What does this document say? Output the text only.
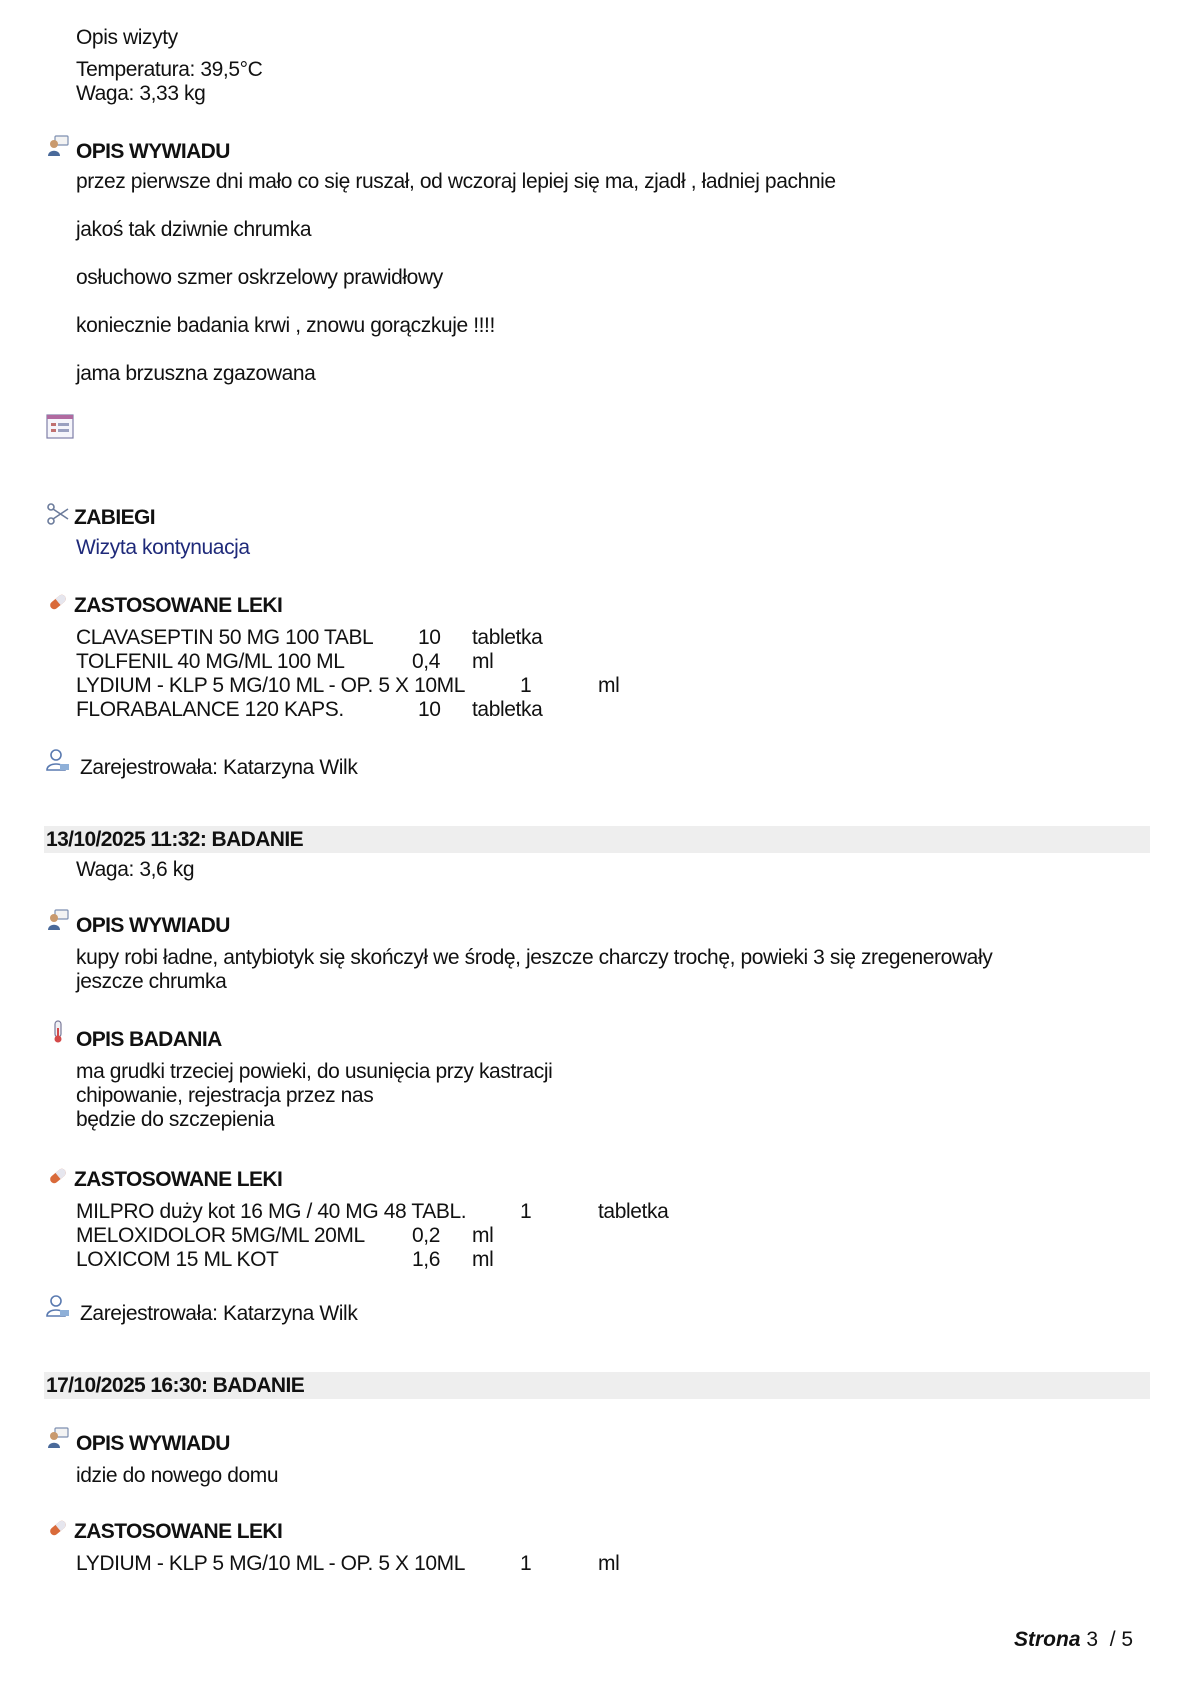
Opis wizyty
Temperatura: 39,5°C
Waga: 3,33 kg
OPIS WYWIADU
przez pierwsze dni mało co się ruszał, od wczoraj lepiej się ma, zjadł , ładniej pachnie
jakoś tak dziwnie chrumka
osłuchowo szmer oskrzelowy prawidłowy
koniecznie badania krwi , znowu gorączkuje !!!!
jama brzuszna zgazowana
ZABIEGI
Wizyta kontynuacja
ZASTOSOWANE LEKI
CLAVASEPTIN 50 MG 100 TABL 10 tabletka
TOLFENIL 40 MG/ML 100 ML	0,4 ml
LYDIUM - KLP 5 MG/10 ML - OP. 5 X 10ML	1	ml
FLORABALANCE 120 KAPS.	10 tabletka
Zarejestrowała: Katarzyna Wilk
13/10/2025 11:32: BADANIE
Waga: 3,6 kg
OPIS WYWIADU
kupy robi ładne, antybiotyk się skończył we środę, jeszcze charczy trochę, powieki 3 się zregenerowały
jeszcze chrumka
OPIS BADANIA
ma grudki trzeciej powieki, do usunięcia przy kastracji
chipowanie, rejestracja przez nas
będzie do szczepienia
ZASTOSOWANE LEKI
MILPRO duży kot 16 MG / 40 MG 48 TABL.	1	tabletka
MELOXIDOLOR 5MG/ML 20ML 0,2 ml
LOXICOM 15 ML KOT	1,6 ml
Zarejestrowała: Katarzyna Wilk
17/10/2025 16:30: BADANIE
OPIS WYWIADU
idzie do nowego domu
ZASTOSOWANE LEKI
LYDIUM - KLP 5 MG/10 ML - OP. 5 X 10ML	1	ml
Strona 3 / 5
